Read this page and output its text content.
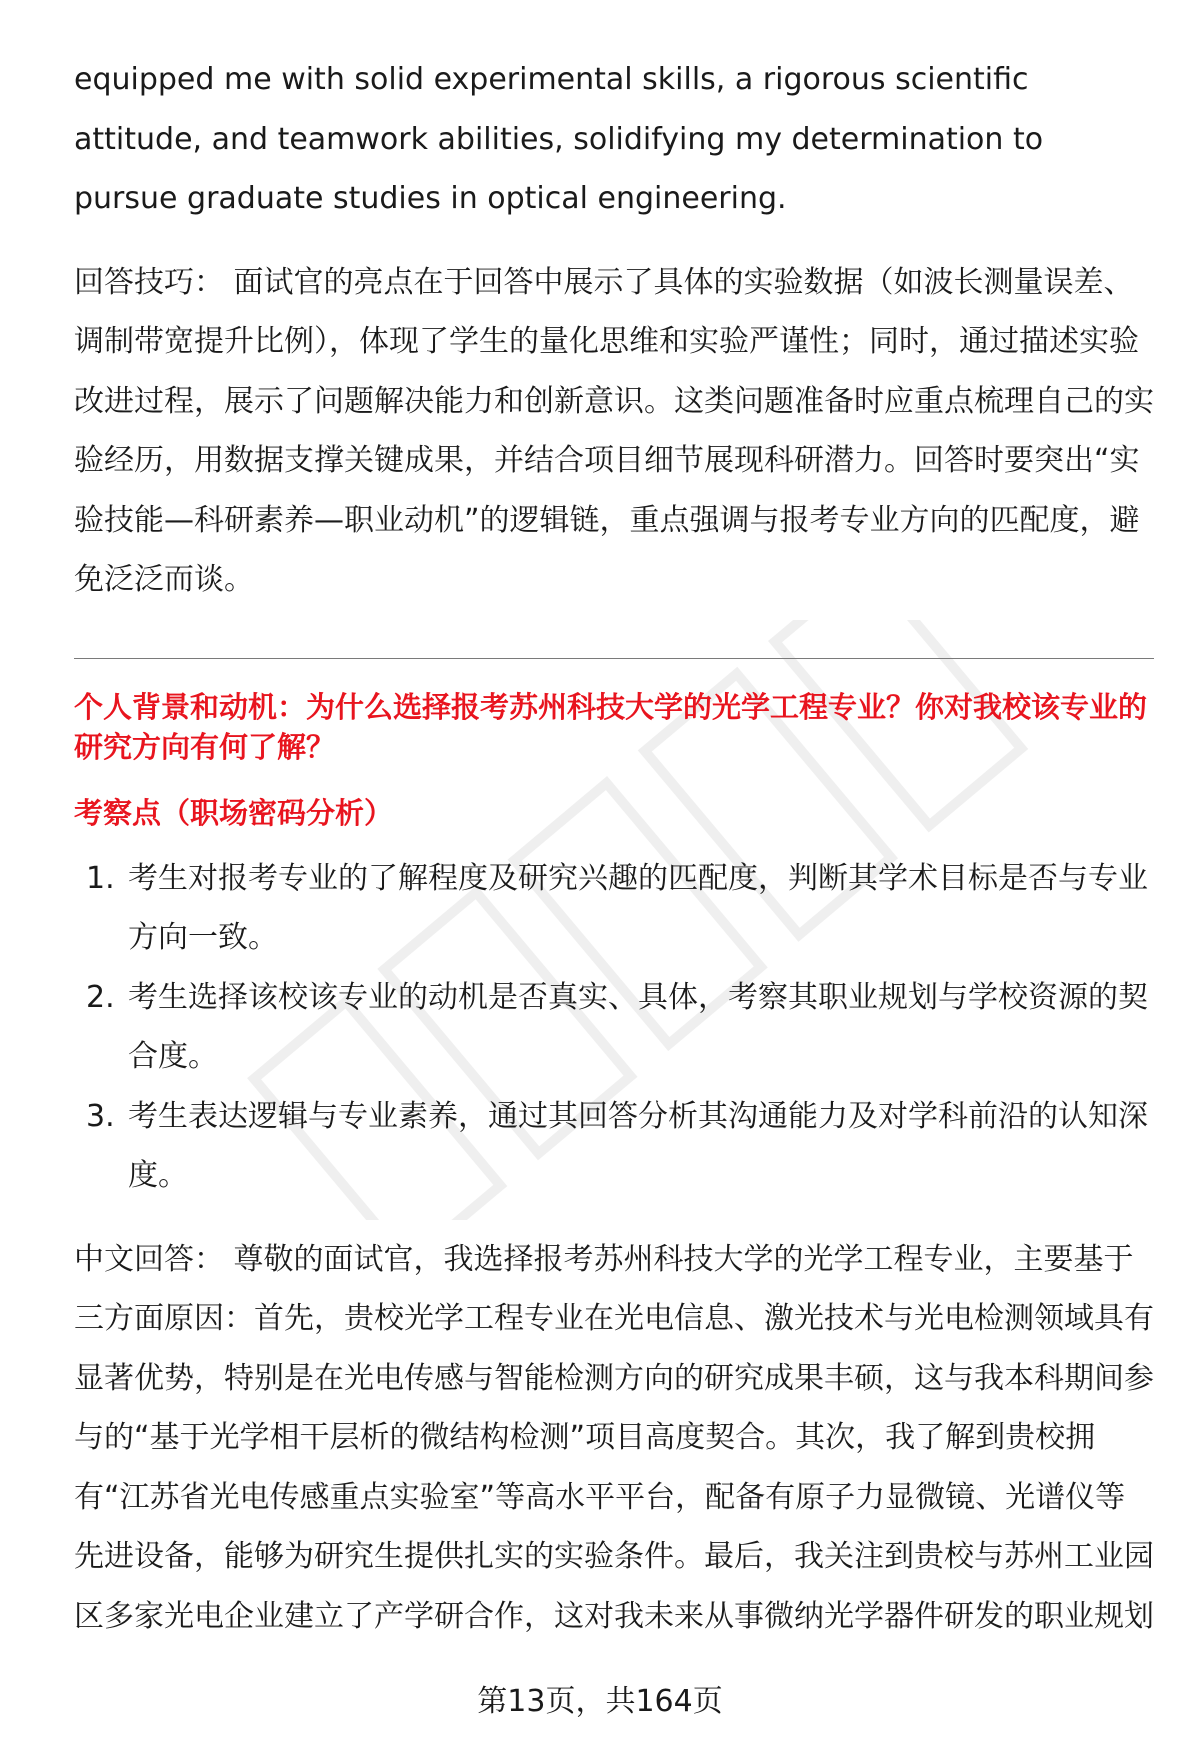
equipped me with solid experimental skills, a rigorous scientific attitude, and teamwork abilities, solidifying my determination to pursue graduate studies in optical engineering.

回答技巧： 面试官的亮点在于回答中展示了具体的实验数据（如波长测量误差、调制带宽提升比例），体现了学生的量化思维和实验严谨性；同时，通过描述实验改进过程，展示了问题解决能力和创新意识。这类问题准备时应重点梳理自己的实验经历，用数据支撑关键成果，并结合项目细节展现科研潜力。回答时要突出“实验技能—科研素养—职业动机”的逻辑链，重点强调与报考专业方向的匹配度，避免泛泛而谈。

个人背景和动机：为什么选择报考苏州科技大学的光学工程专业？你对我校该专业的研究方向有何了解？
考察点（职场密码分析）
1. 考生对报考专业的了解程度及研究兴趣的匹配度，判断其学术目标是否与专业方向一致。
2. 考生选择该校该专业的动机是否真实、具体，考察其职业规划与学校资源的契合度。
3. 考生表达逻辑与专业素养，通过其回答分析其沟通能力及对学科前沿的认知深度。

中文回答： 尊敬的面试官，我选择报考苏州科技大学的光学工程专业，主要基于三方面原因：首先，贵校光学工程专业在光电信息、激光技术与光电检测领域具有显著优势，特别是在光电传感与智能检测方向的研究成果丰硕，这与我本科期间参与的“基于光学相干层析的微结构检测”项目高度契合。其次，我了解到贵校拥有“江苏省光电传感重点实验室”等高水平平台，配备有原子力显微镜、光谱仪等先进设备，能够为研究生提供扎实的实验条件。最后，我关注到贵校与苏州工业园区多家光电企业建立了产学研合作，这对我未来从事微纳光学器件研发的职业规划

第13页，共164页
